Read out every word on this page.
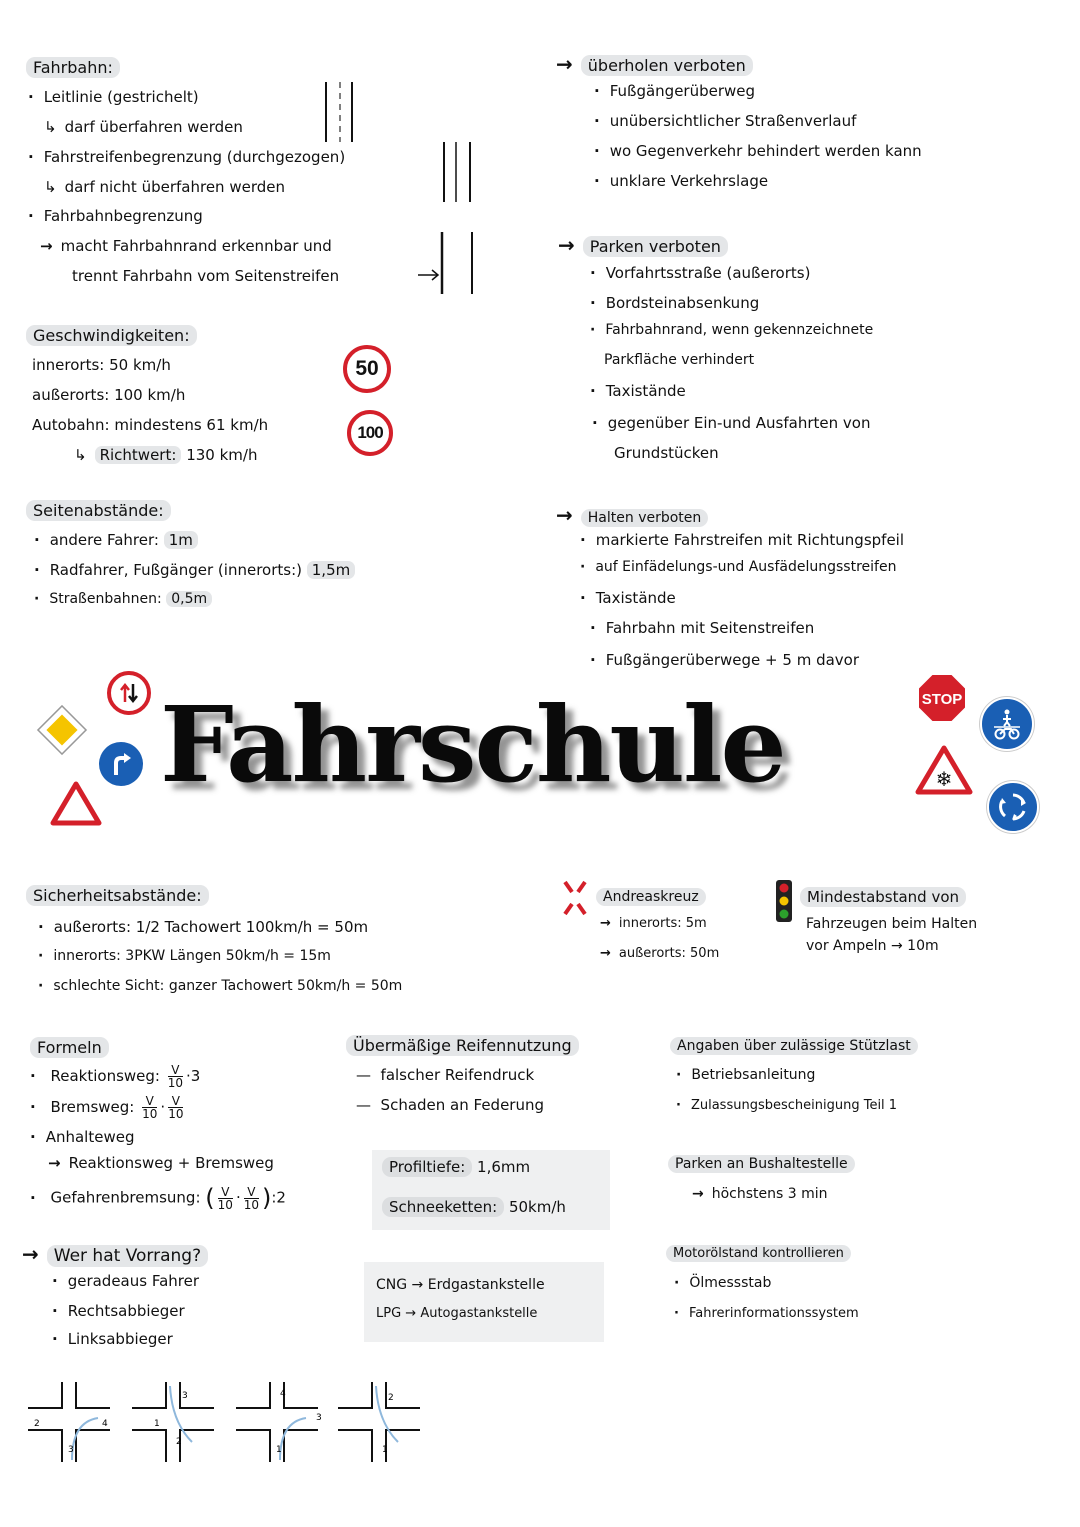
Fahrbahn:
· Leitlinie (gestrichelt)
↳ darf überfahren werden
· Fahrstreifenbegrenzung (durchgezogen)
↳ darf nicht überfahren werden
· Fahrbahnbegrenzung
→ macht Fahrbahnrand erkennbar und
trennt Fahrbahn vom Seitenstreifen
Geschwindigkeiten:
innerorts: 50 km/h
außerorts: 100 km/h
Autobahn: mindestens 61 km/h
↳ Richtwert: 130 km/h
50
100
Seitenabstände:
· andere Fahrer: 1m
· Radfahrer, Fußgänger (innerorts:) 1,5m
· Straßenbahnen: 0,5m
→ überholen verboten
· Fußgängerüberweg
· unübersichtlicher Straßenverlauf
· wo Gegenverkehr behindert werden kann
· unklare Verkehrslage
→ Parken verboten
· Vorfahrtsstraße (außerorts)
· Bordsteinabsenkung
· Fahrbahnrand, wenn gekennzeichnete
Parkfläche verhindert
· Taxistände
· gegenüber Ein-und Ausfahrten von
Grundstücken
→ Halten verboten
· markierte Fahrstreifen mit Richtungspfeil
· auf Einfädelungs-und Ausfädelungsstreifen
· Taxistände
· Fahrbahn mit Seitenstreifen
· Fußgängerüberwege + 5 m davor
Fahrschule	STOP
❄
Sicherheitsabstände:
· außerorts: 1/2 Tachowert 100km/h = 50m
· innerorts: 3PKW Längen 50km/h = 15m
· schlechte Sicht: ganzer Tachowert 50km/h = 50m
Andreaskreuz
→ innerorts: 5m
→ außerorts: 50m
Mindestabstand von
Fahrzeugen beim Halten
vor Ampeln → 10m
Formeln
· Reaktionsweg: $\frac{V}{10} \cdot 3$
· Bremsweg: $\frac{V}{10} \cdot \frac{V}{10}$
· Anhalteweg
→ Reaktionsweg + Bremsweg
· Gefahrenbremsung: ( $\frac{V}{10} \cdot \frac{V}{10}$ ):2
Übermäßige Reifennutzung
—  falscher Reifendruck
—  Schaden an Federung
Profiltiefe: 1,6mm
Schneeketten: 50km/h
CNG → Erdgastankstelle
LPG → Autogastankstelle
Angaben über zulässige Stützlast
· Betriebsanleitung
· Zulassungsbescheinigung Teil 1
Parken an Bushaltestelle
→ höchstens 3 min
Motorölstand kontrollieren
· Ölmessstab
· Fahrerinformationssystem
→ Wer hat Vorrang?
· geradeaus Fahrer
· Rechtsabbieger
· Linksabbieger
2	4
3
1
3
2
4
3
1
2
1
